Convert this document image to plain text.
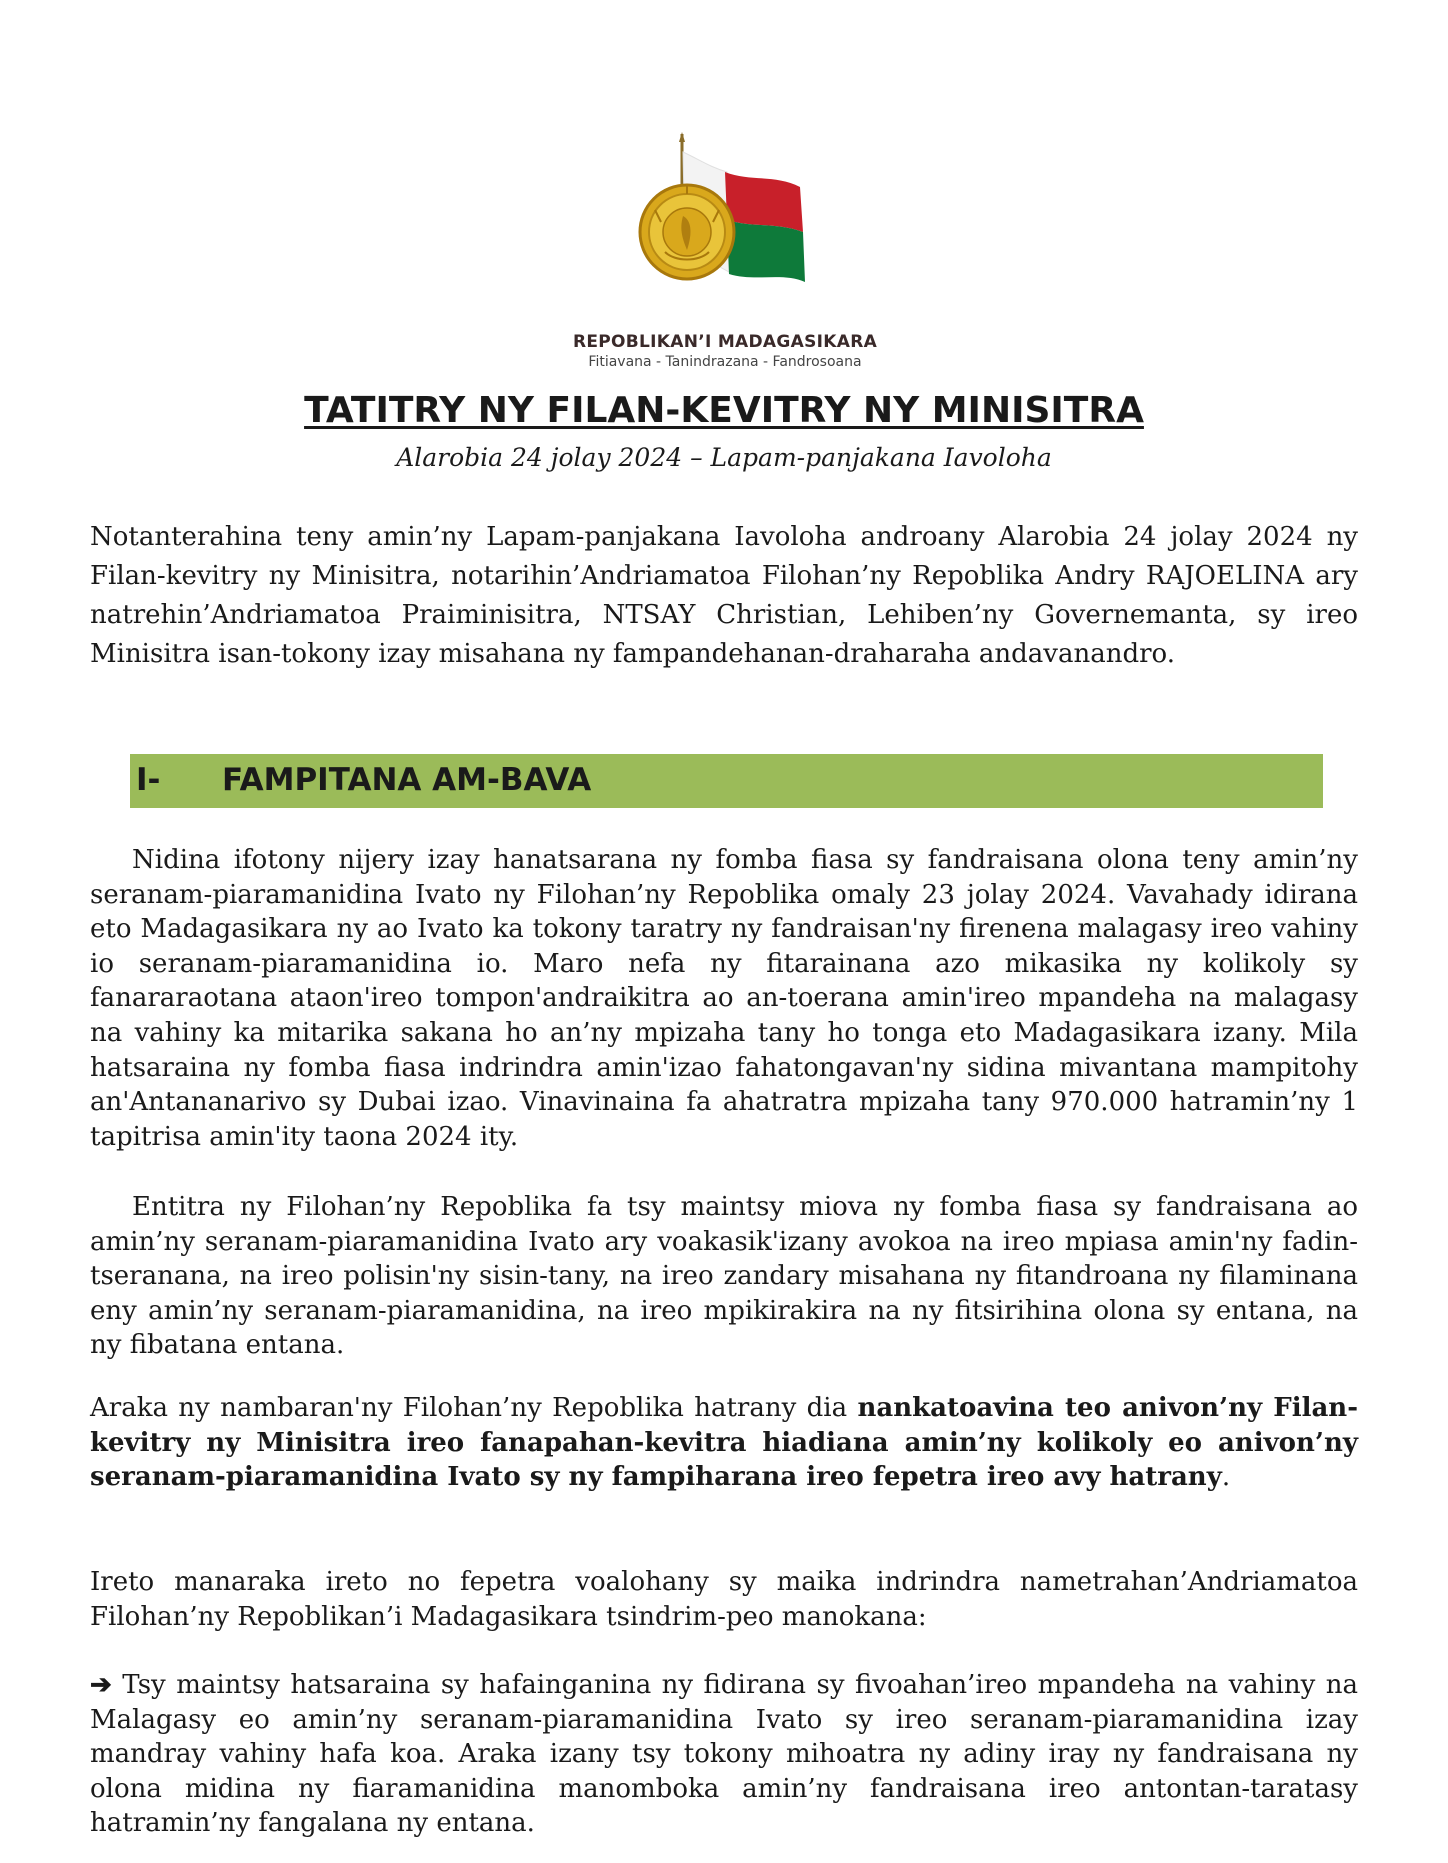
REPOBLIKAN’I MADAGASIKARA
Fitiavana - Tanindrazana - Fandrosoana
TATITRY NY FILAN-KEVITRY NY MINISITRA
Alarobia 24 jolay 2024 – Lapam-panjakana Iavoloha

Notanterahina teny amin’ny Lapam-panjakana Iavoloha androany Alarobia 24 jolay 2024 ny Filan-kevitry ny Minisitra, notarihin’Andriamatoa Filohan’ny Repoblika Andry RAJOELINA ary natrehin’Andriamatoa Praiminisitra, NTSAY Christian, Lehiben’ny Governemanta, sy ireo Minisitra isan-tokony izay misahana ny fampandehanan-draharaha andavanandro.

I- FAMPITANA AM-BAVA

Nidina ifotony nijery izay hanatsarana ny fomba fiasa sy fandraisana olona teny amin’ny seranam-piaramanidina Ivato ny Filohan’ny Repoblika omaly 23 jolay 2024. Vavahady idirana eto Madagasikara ny ao Ivato ka tokony taratry ny fandraisan'ny firenena malagasy ireo vahiny io seranam-piaramanidina io. Maro nefa ny fitarainana azo mikasika ny kolikoly sy fanararaotana ataon'ireo tompon'andraikitra ao an-toerana amin'ireo mpandeha na malagasy na vahiny ka mitarika sakana ho an’ny mpizaha tany ho tonga eto Madagasikara izany. Mila hatsaraina ny fomba fiasa indrindra amin'izao fahatongavan'ny sidina mivantana mampitohy an'Antananarivo sy Dubai izao. Vinavinaina fa ahatratra mpizaha tany 970.000 hatramin’ny 1 tapitrisa amin'ity taona 2024 ity.

Entitra ny Filohan’ny Repoblika fa tsy maintsy miova ny fomba fiasa sy fandraisana ao amin’ny seranam-piaramanidina Ivato ary voakasik'izany avokoa na ireo mpiasa amin'ny fadin-tseranana, na ireo polisin'ny sisin-tany, na ireo zandary misahana ny fitandroana ny filaminana eny amin’ny seranam-piaramanidina, na ireo mpikirakira na ny fitsirihina olona sy entana, na ny fibatana entana.

Araka ny nambaran'ny Filohan’ny Repoblika hatrany dia nankatoavina teo anivon’ny Filan-kevitry ny Minisitra ireo fanapahan-kevitra hiadiana amin’ny kolikoly eo anivon’ny seranam-piaramanidina Ivato sy ny fampiharana ireo fepetra ireo avy hatrany.

Ireto manaraka ireto no fepetra voalohany sy maika indrindra nametrahan’Andriamatoa Filohan’ny Repoblikan’i Madagasikara tsindrim-peo manokana:

➔ Tsy maintsy hatsaraina sy hafainganina ny fidirana sy fivoahan’ireo mpandeha na vahiny na Malagasy eo amin’ny seranam-piaramanidina Ivato sy ireo seranam-piaramanidina izay mandray vahiny hafa koa. Araka izany tsy tokony mihoatra ny adiny iray ny fandraisana ny olona midina ny fiaramanidina manomboka amin’ny fandraisana ireo antontan-taratasy hatramin’ny fangalana ny entana.
